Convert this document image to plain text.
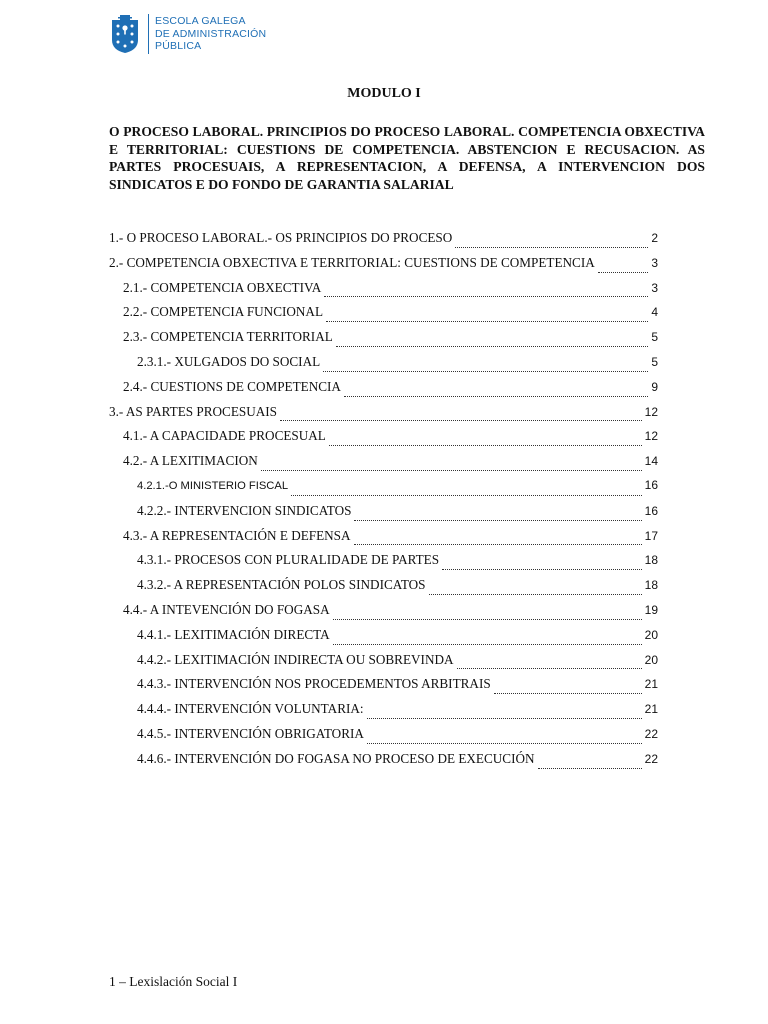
ESCOLA GALEGA
DE ADMINISTRACIÓN
PÚBLICA
MODULO I

O PROCESO LABORAL. PRINCIPIOS DO PROCESO LABORAL. COMPETENCIA OBXECTIVA E TERRITORIAL: CUESTIONS DE COMPETENCIA. ABSTENCION E RECUSACION. AS PARTES PROCESUAIS, A REPRESENTACION, A DEFENSA, A INTERVENCION DOS SINDICATOS E DO FONDO DE GARANTIA SALARIAL

1.- O PROCESO LABORAL.- OS PRINCIPIOS DO PROCESO	2
2.- COMPETENCIA OBXECTIVA E TERRITORIAL: CUESTIONS DE COMPETENCIA	3
2.1.- COMPETENCIA OBXECTIVA	3
2.2.- COMPETENCIA FUNCIONAL	4
2.3.- COMPETENCIA TERRITORIAL	5
2.3.1.- XULGADOS DO SOCIAL	5
2.4.- CUESTIONS DE COMPETENCIA	9
3.- AS PARTES PROCESUAIS	12
4.1.- A CAPACIDADE PROCESUAL	12
4.2.- A LEXITIMACION	14
4.2.1.-O MINISTERIO FISCAL	16
4.2.2.- INTERVENCION SINDICATOS	16
4.3.- A REPRESENTACIÓN E DEFENSA	17
4.3.1.- PROCESOS CON PLURALIDADE DE PARTES	18
4.3.2.- A REPRESENTACIÓN POLOS SINDICATOS	18
4.4.- A INTEVENCIÓN DO FOGASA	19
4.4.1.- LEXITIMACIÓN DIRECTA	20
4.4.2.- LEXITIMACIÓN INDIRECTA OU SOBREVINDA	20
4.4.3.- INTERVENCIÓN NOS PROCEDEMENTOS ARBITRAIS	21
4.4.4.- INTERVENCIÓN VOLUNTARIA:	21
4.4.5.- INTERVENCIÓN OBRIGATORIA	22
4.4.6.- INTERVENCIÓN DO FOGASA NO PROCESO DE EXECUCIÓN	22
1 – Lexislación Social I
